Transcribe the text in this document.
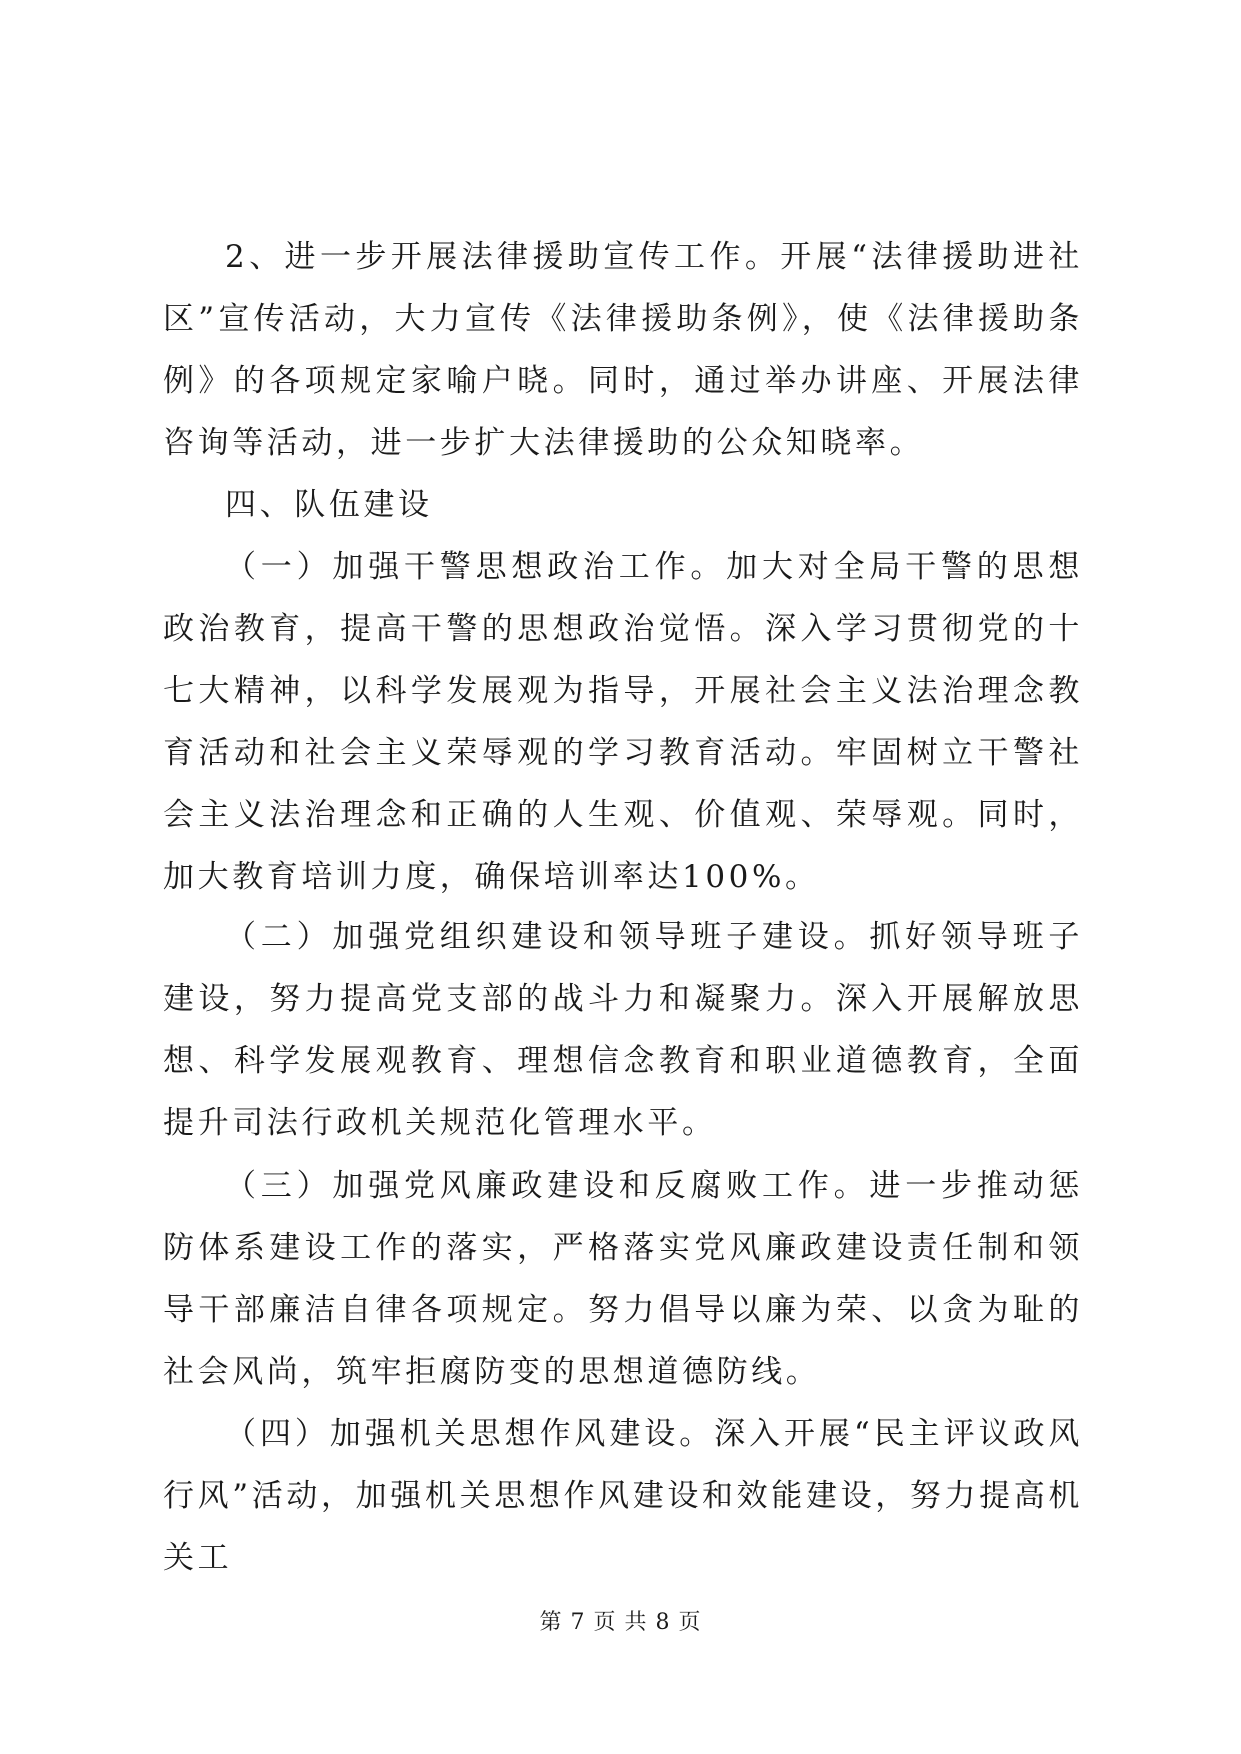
2、进一步开展法律援助宣传工作。开展“法律援助进社区”宣传活动，大力宣传《法律援助条例》，使《法律援助条例》的各项规定家喻户晓。同时，通过举办讲座、开展法律咨询等活动，进一步扩大法律援助的公众知晓率。

四、队伍建设

（一）加强干警思想政治工作。加大对全局干警的思想政治教育，提高干警的思想政治觉悟。深入学习贯彻党的十七大精神，以科学发展观为指导，开展社会主义法治理念教育活动和社会主义荣辱观的学习教育活动。牢固树立干警社会主义法治理念和正确的人生观、价值观、荣辱观。同时，加大教育培训力度，确保培训率达100%。

（二）加强党组织建设和领导班子建设。抓好领导班子建设，努力提高党支部的战斗力和凝聚力。深入开展解放思想、科学发展观教育、理想信念教育和职业道德教育，全面提升司法行政机关规范化管理水平。

（三）加强党风廉政建设和反腐败工作。进一步推动惩防体系建设工作的落实，严格落实党风廉政建设责任制和领导干部廉洁自律各项规定。努力倡导以廉为荣、以贪为耻的社会风尚，筑牢拒腐防变的思想道德防线。

（四）加强机关思想作风建设。深入开展“民主评议政风行风”活动，加强机关思想作风建设和效能建设，努力提高机关工

第 7 页 共 8 页
